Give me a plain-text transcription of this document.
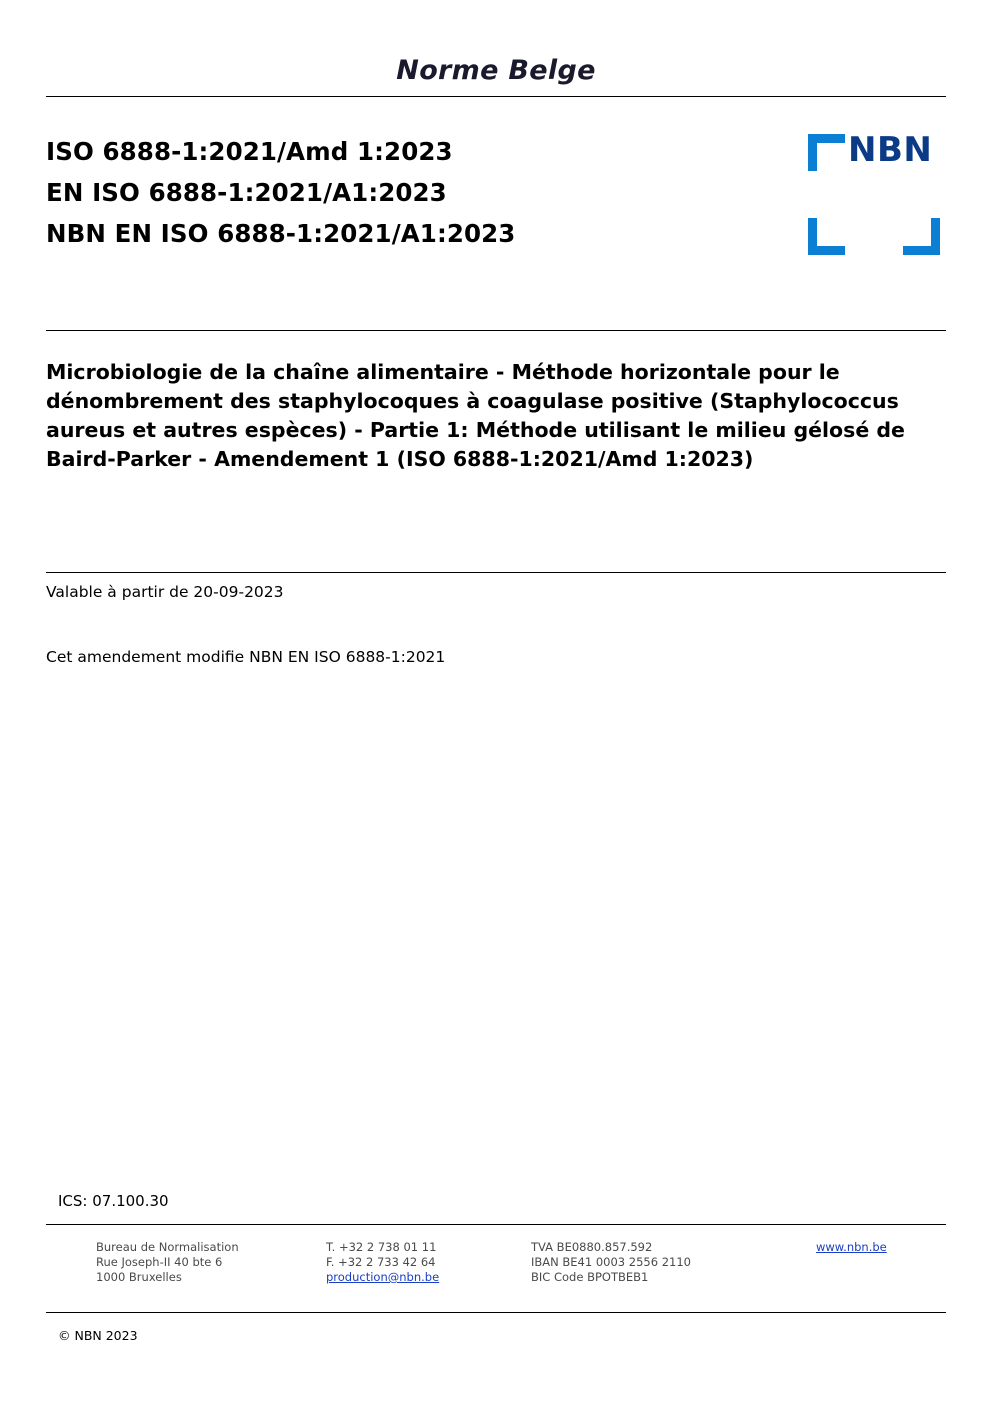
Norme Belge
ISO 6888-1:2021/Amd 1:2023
EN ISO 6888-1:2021/A1:2023
NBN EN ISO 6888-1:2021/A1:2023
NBN
Microbiologie de la chaîne alimentaire - Méthode horizontale pour le dénombrement des staphylocoques à coagulase positive (Staphylococcus aureus et autres espèces) - Partie 1: Méthode utilisant le milieu gélosé de Baird-Parker - Amendement 1 (ISO 6888-1:2021/Amd 1:2023)
Valable à partir de 20-09-2023
Cet amendement modifie NBN EN ISO 6888-1:2021
ICS: 07.100.30
Bureau de Normalisation
Rue Joseph-II 40 bte 6
1000 Bruxelles
T. +32 2 738 01 11
F. +32 2 733 42 64
production@nbn.be
TVA BE0880.857.592
IBAN BE41 0003 2556 2110
BIC Code BPOTBEB1
www.nbn.be
© NBN 2023
